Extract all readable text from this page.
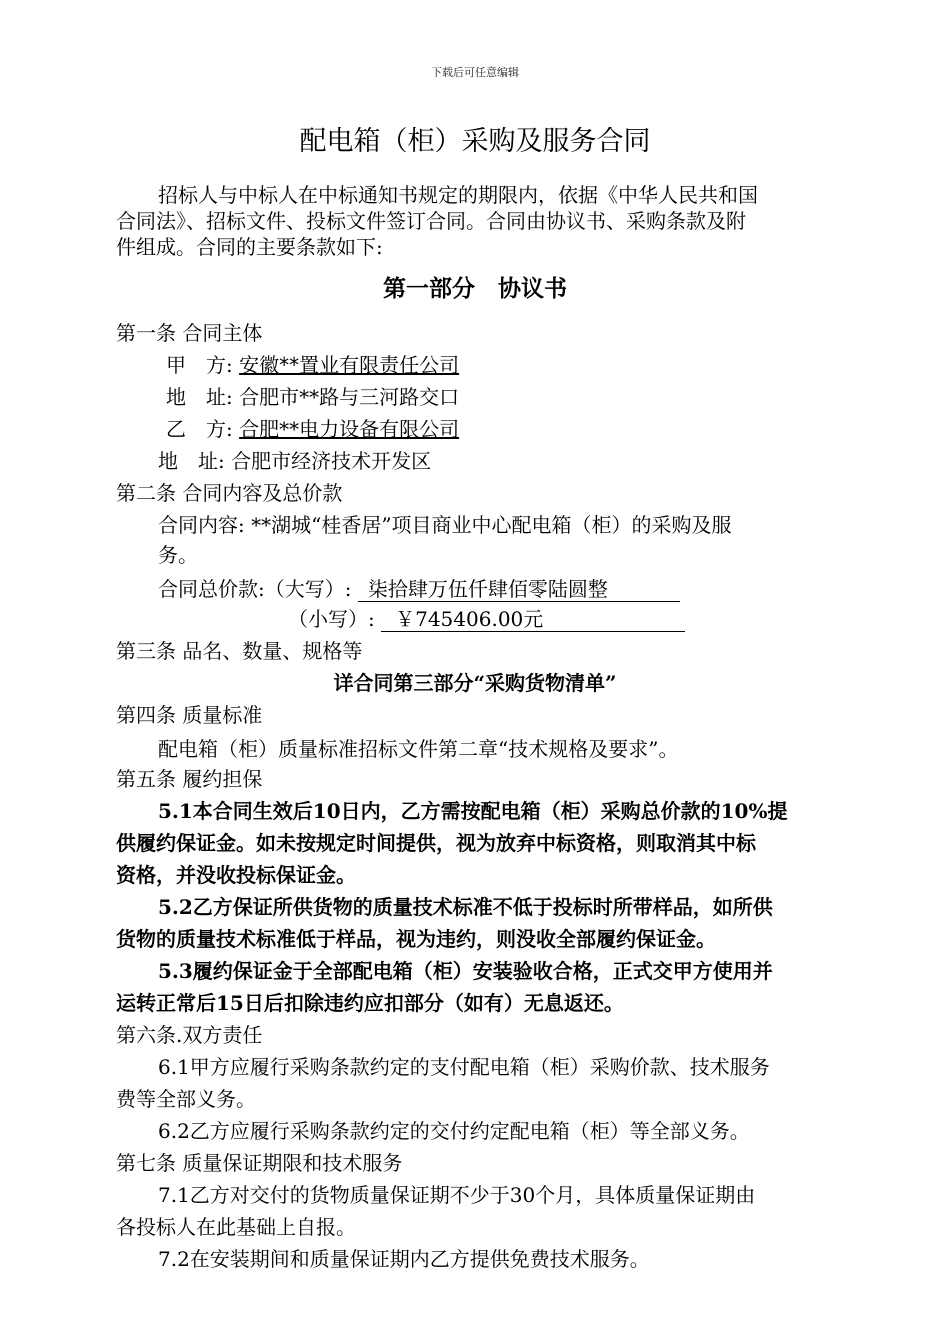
下载后可任意编辑
配电箱（柜）采购及服务合同
招标人与中标人在中标通知书规定的期限内，依据《中华人民共和国
合同法》、招标文件、投标文件签订合同。合同由协议书、采购条款及附
件组成。合同的主要条款如下:
第一部分　协议书
第一条 合同主体
甲　方: 安徽**置业有限责任公司
地　址: 合肥市**路与三河路交口
乙　方: 合肥**电力设备有限公司
地　址: 合肥市经济技术开发区
第二条 合同内容及总价款
合同内容: **湖城“桂香居”项目商业中心配电箱（柜）的采购及服
务。
合同总价款:（大写）: 柒拾肆万伍仟肆佰零陆圆整
（小写）: ￥745406.00元
第三条 品名、数量、规格等
详合同第三部分“采购货物清单”
第四条 质量标准
配电箱（柜）质量标准招标文件第二章“技术规格及要求”。
第五条 履约担保
5.1本合同生效后10日内，乙方需按配电箱（柜）采购总价款的10%提
供履约保证金。如未按规定时间提供，视为放弃中标资格，则取消其中标
资格，并没收投标保证金。
5.2乙方保证所供货物的质量技术标准不低于投标时所带样品，如所供
货物的质量技术标准低于样品，视为违约，则没收全部履约保证金。
5.3履约保证金于全部配电箱（柜）安装验收合格，正式交甲方使用并
运转正常后15日后扣除违约应扣部分（如有）无息返还。
第六条.双方责任
6.1甲方应履行采购条款约定的支付配电箱（柜）采购价款、技术服务
费等全部义务。
6.2乙方应履行采购条款约定的交付约定配电箱（柜）等全部义务。
第七条 质量保证期限和技术服务
7.1乙方对交付的货物质量保证期不少于30个月，具体质量保证期由
各投标人在此基础上自报。
7.2在安装期间和质量保证期内乙方提供免费技术服务。
